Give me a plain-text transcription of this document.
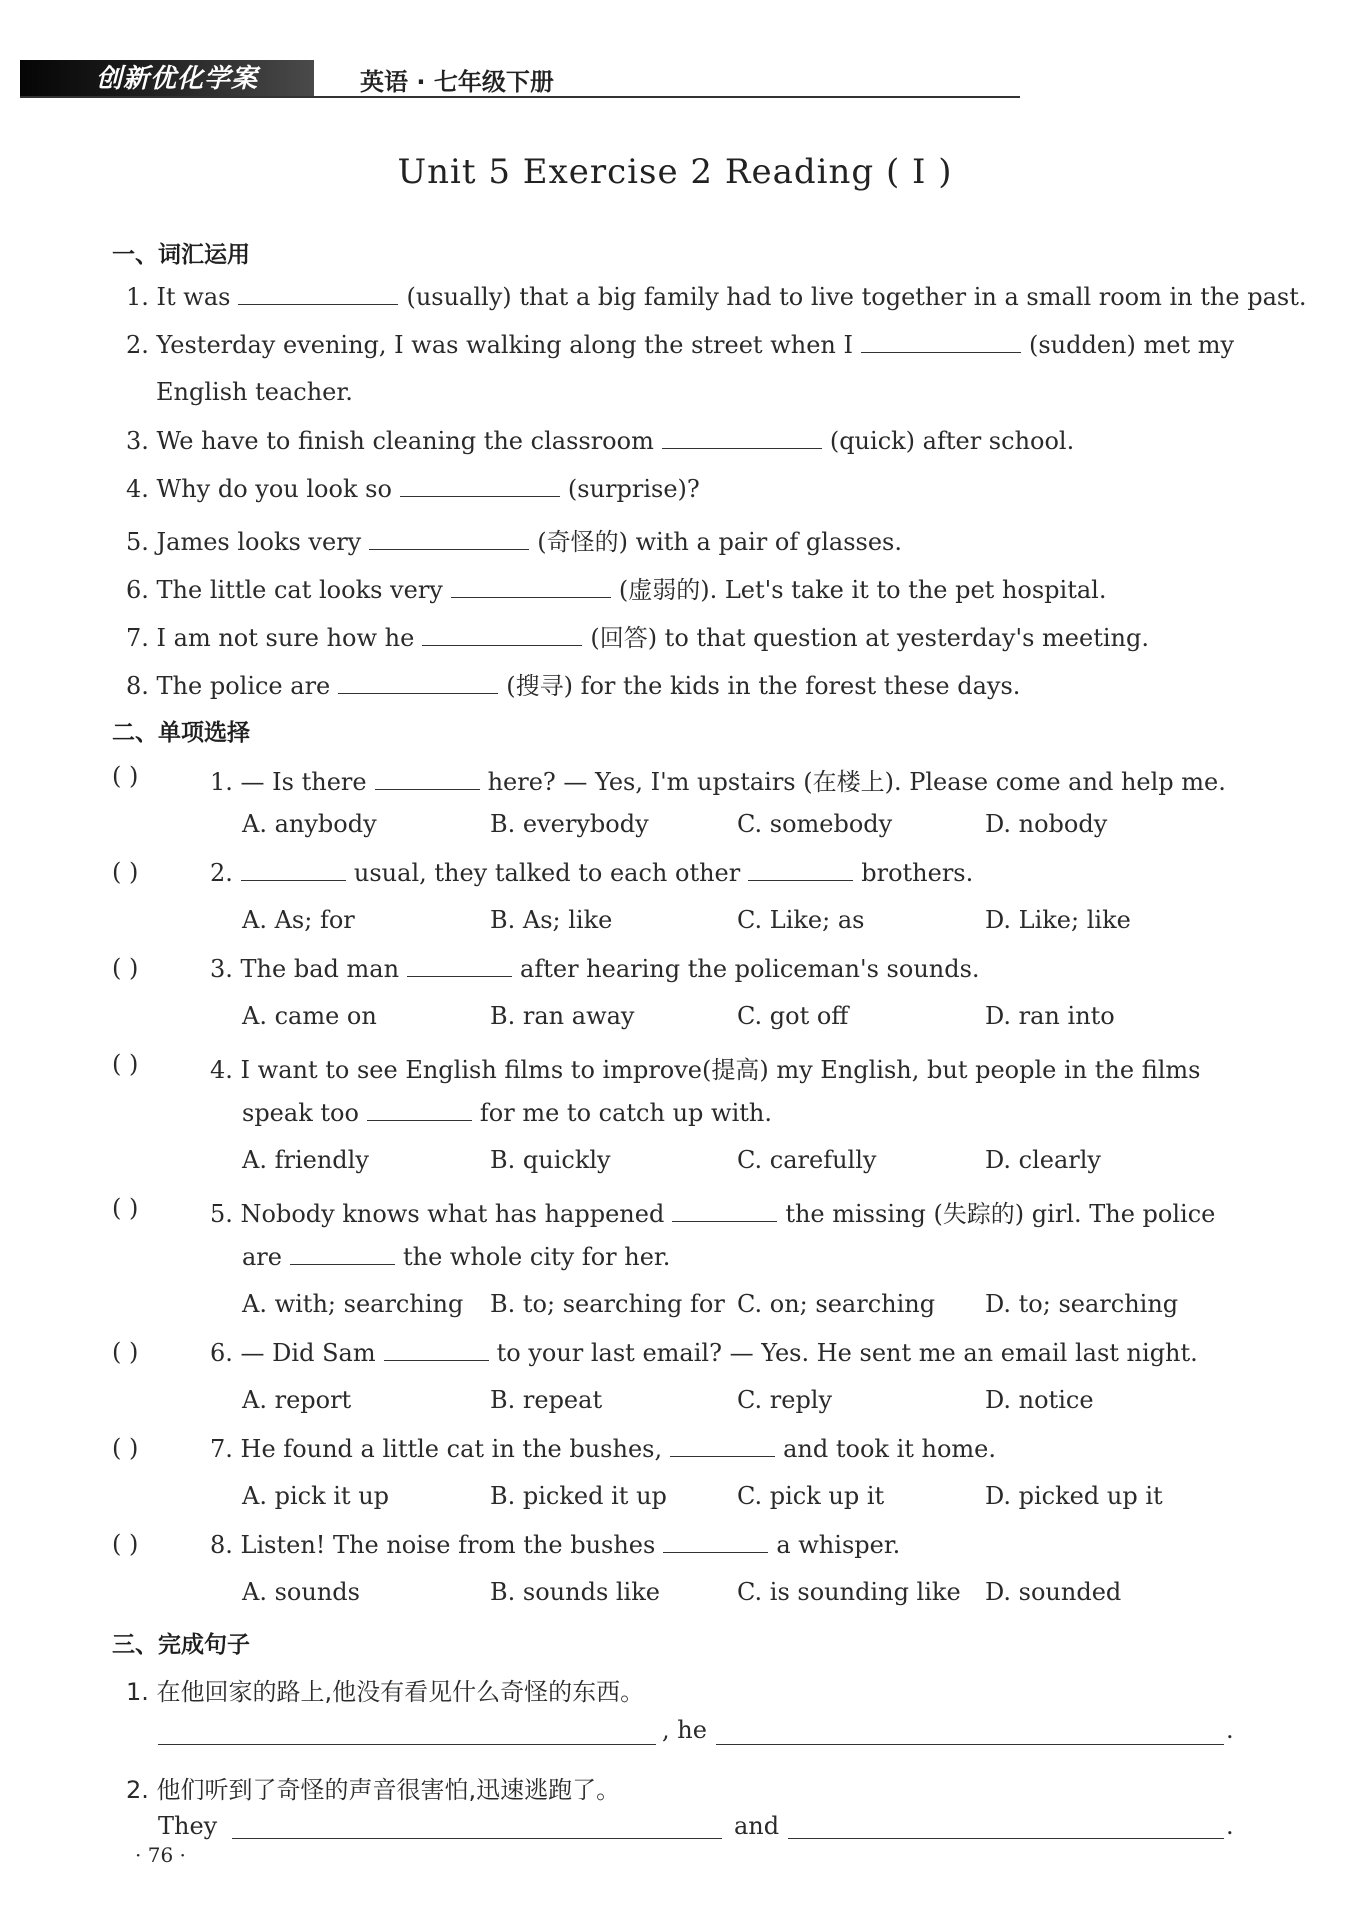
创新优化学案	英语 · 七年级下册
Unit 5 Exercise 2 Reading ( Ⅰ )
一、词汇运用
1. It was	(usually) that a big family had to live together in a small room in the past.
2. Yesterday evening, I was walking along the street when I	(sudden) met my
English teacher.
3. We have to finish cleaning the classroom	(quick) after school.
4. Why do you look so	(surprise)?
5. James looks very	(奇怪的) with a pair of glasses.
6. The little cat looks very	(虚弱的). Let's take it to the pet hospital.
7. I am not sure how he	(回答) to that question at yesterday's meeting.
8. The police are	(搜寻) for the kids in the forest these days.
二、单项选择
( )	1. — Is there	here? — Yes, I'm upstairs (在楼上). Please come and help me.
A. anybody	B. everybody	C. somebody	D. nobody
( )	2.	usual, they talked to each other	brothers.
A. As; for	B. As; like	C. Like; as	D. Like; like
( )	3. The bad man	after hearing the policeman's sounds.
A. came on	B. ran away	C. got off	D. ran into
( )	4. I want to see English films to improve(提高) my English, but people in the films
speak too	for me to catch up with.
A. friendly	B. quickly	C. carefully	D. clearly
( )	5. Nobody knows what has happened	the missing (失踪的) girl. The police
are	the whole city for her.
A. with; searching B. to; searching for C. on; searching D. to; searching
( )	6. — Did Sam	to your last email? — Yes. He sent me an email last night.
A. report	B. repeat	C. reply	D. notice
( )	7. He found a little cat in the bushes,	and took it home.
A. pick it up	B. picked it up	C. pick up it	D. picked up it
( )	8. Listen! The noise from the bushes	a whisper.
A. sounds	B. sounds like	C. is sounding like D. sounded
三、完成句子
1. 在他回家的路上,他没有看见什么奇怪的东西。
, he	.
2. 他们听到了奇怪的声音很害怕,迅速逃跑了。
They	and	.
· 76 ·
